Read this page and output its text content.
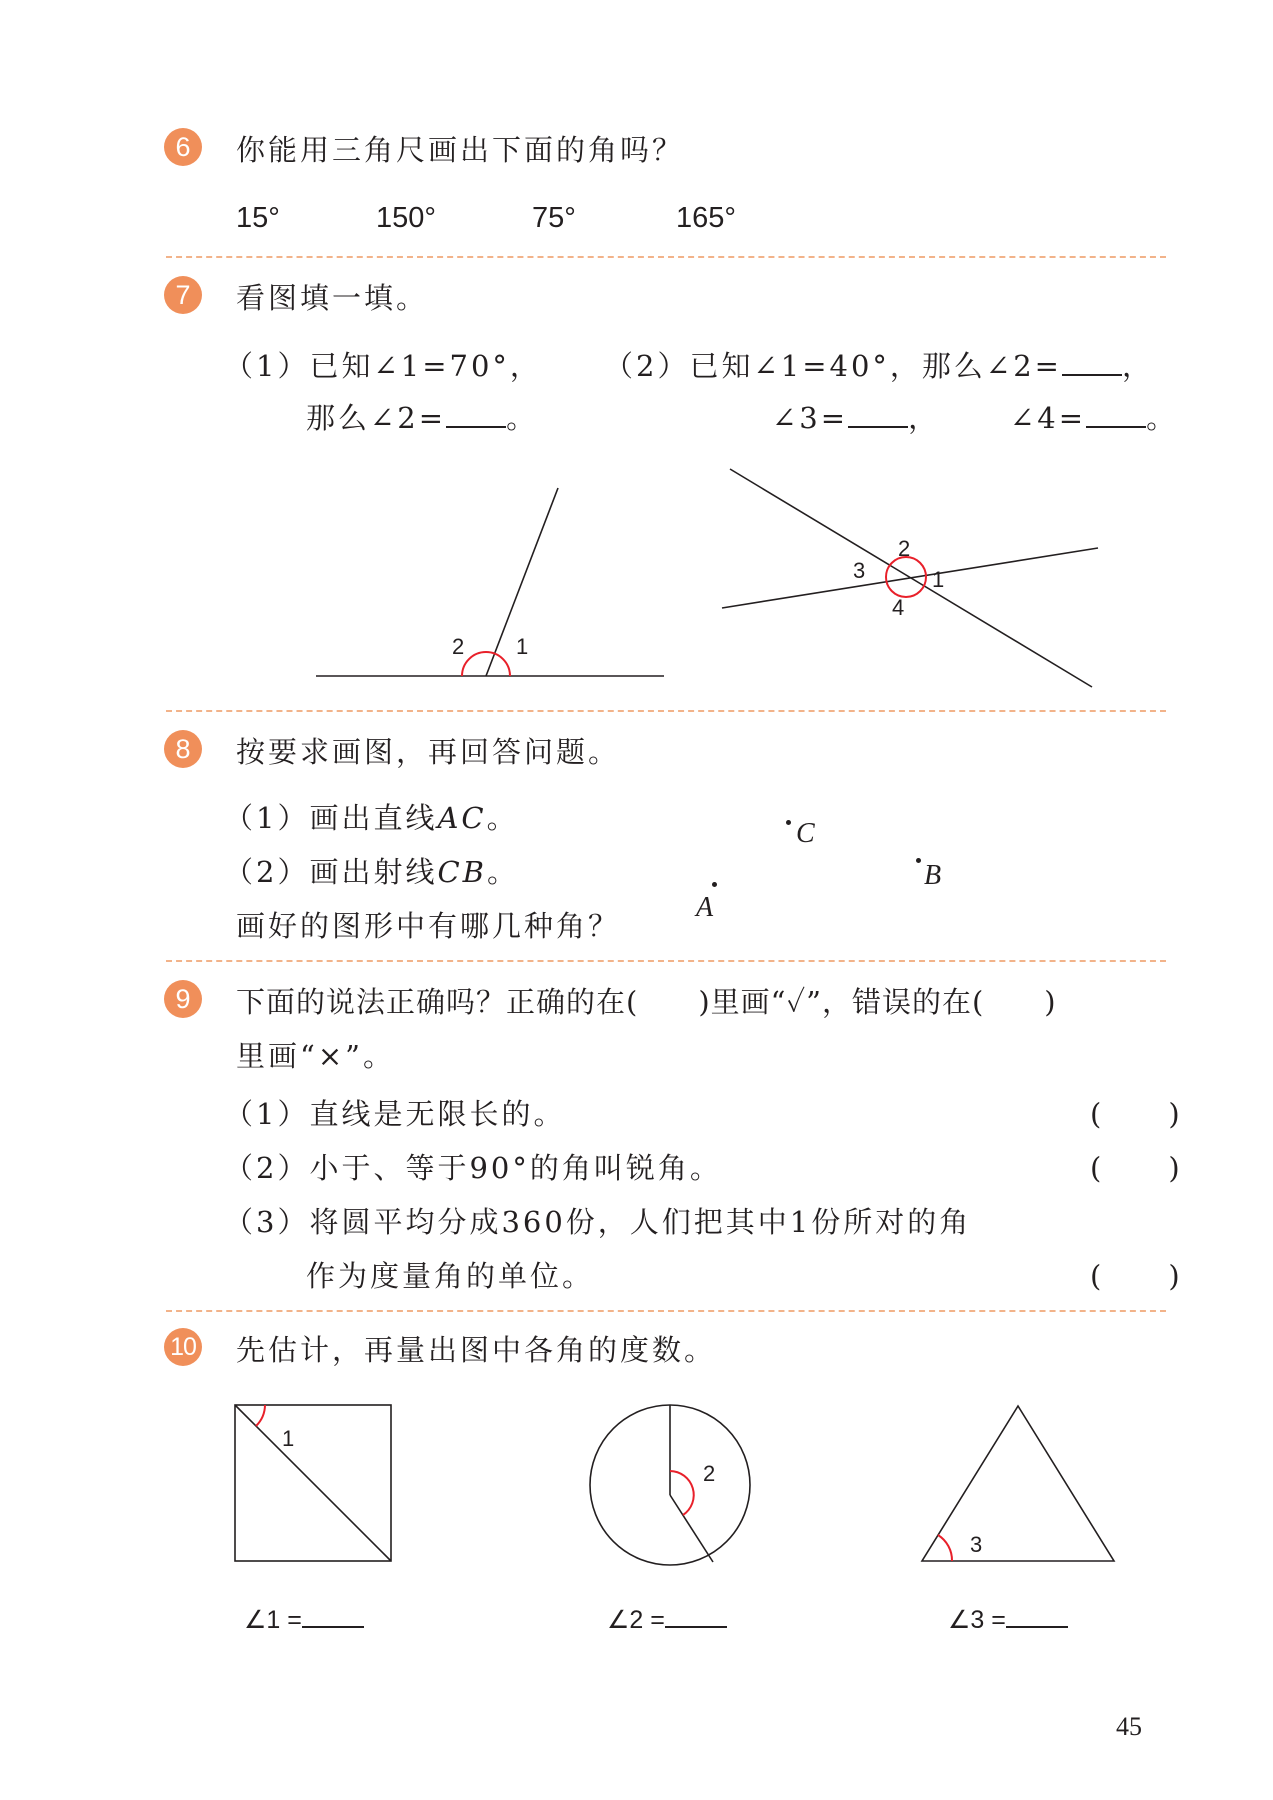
6	你能用三角尺画出下面的角吗？
15°	150°	75°	165°
7	看图填一填。
（1）已知∠1=70°，
那么∠2= 。
（2）已知∠1=40°，那么∠2= ，
∠3= ， ∠4= 。
2 1
2
3	1
4
8	按要求画图，再回答问题。
（1）画出直线AC。
（2）画出射线CB。
画好的图形中有哪几种角？
C
B
A
9	下面的说法正确吗？正确的在(　　)里画“✓”，错误的在(　　)
里画“×”。
（1）直线是无限长的。	(　　)
（2）小于、等于90°的角叫锐角。	(　　)
（3）将圆平均分成360份，人们把其中1份所对的角
作为度量角的单位。	(　　)
10 先估计，再量出图中各角的度数。
1
2
3
∠1 =	∠2 =	∠3 =
45
